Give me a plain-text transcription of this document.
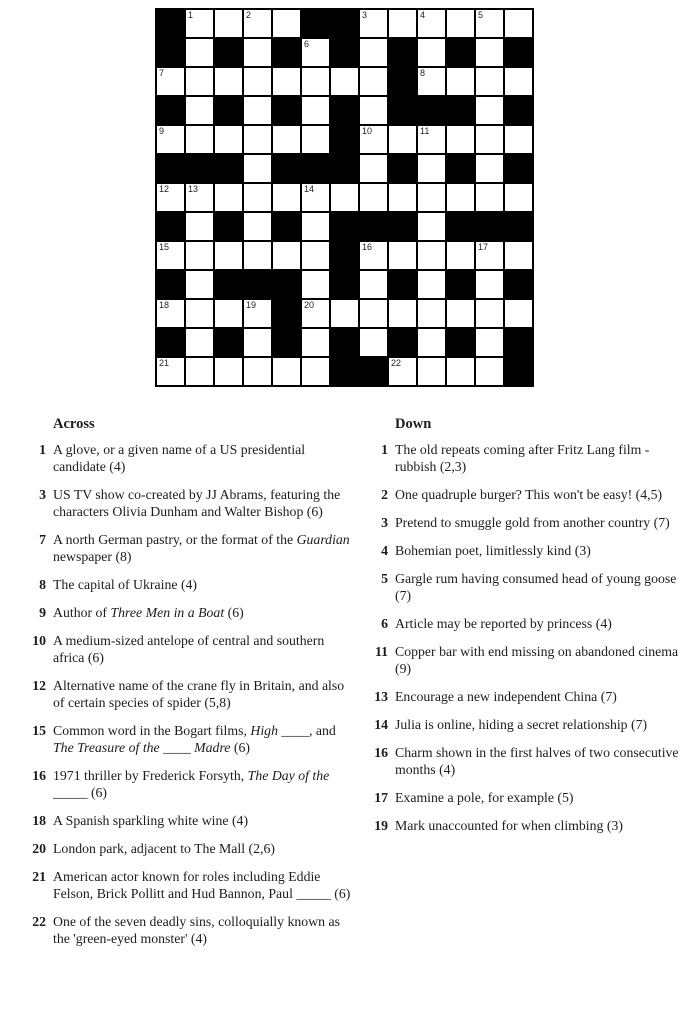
1	2	3	4	5
6
7	8
9	10	11
12 13	14
15	16	17
18	19	20
21	22
Across
1 A glove, or a given name of a US presidential candidate (4)
3 US TV show co-created by JJ Abrams, featuring the characters Olivia Dunham and Walter Bishop (6)
7 A north German pastry, or the format of the Guardian newspaper (8)
8 The capital of Ukraine (4)
9 Author of Three Men in a Boat (6)
10 A medium-sized antelope of central and southern africa (6)
12 Alternative name of the crane fly in Britain, and also of certain species of spider (5,8)
15 Common word in the Bogart films, High ____, and The Treasure of the ____ Madre (6)
16 1971 thriller by Frederick Forsyth, The Day of the _____ (6)
18 A Spanish sparkling white wine (4)
20 London park, adjacent to The Mall (2,6)
21 American actor known for roles including Eddie Felson, Brick Pollitt and Hud Bannon, Paul _____ (6)
22 One of the seven deadly sins, colloquially known as the 'green-eyed monster' (4)
Down
1 The old repeats coming after Fritz Lang film - rubbish (2,3)
2 One quadruple burger? This won't be easy! (4,5)
3 Pretend to smuggle gold from another country (7)
4 Bohemian poet, limitlessly kind (3)
5 Gargle rum having consumed head of young goose (7)
6 Article may be reported by princess (4)
11 Copper bar with end missing on abandoned cinema (9)
13 Encourage a new independent China (7)
14 Julia is online, hiding a secret relationship (7)
16 Charm shown in the first halves of two consecutive months (4)
17 Examine a pole, for example (5)
19 Mark unaccounted for when climbing (3)
